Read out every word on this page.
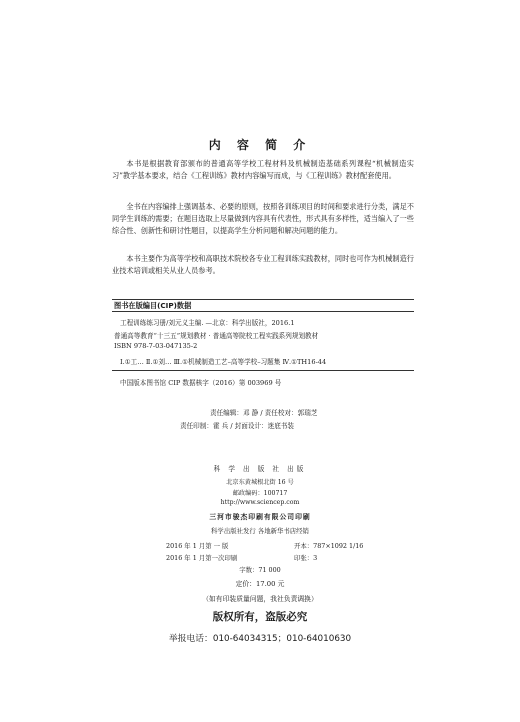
内 容 简 介

本书是根据教育部颁布的普通高等学校工程材料及机械制造基础系列课程“机械制造实习”教学基本要求，结合《工程训练》教材内容编写而成，与《工程训练》教材配套使用。

全书在内容编排上强调基本、必要的原则，按照各训练项目的时间和要求进行分类，满足不同学生训练的需要；在题目选取上尽量做到内容具有代表性，形式具有多样性，适当编入了一些综合性、创新性和研讨性题目，以提高学生分析问题和解决问题的能力。

本书主要作为高等学校和高职技术院校各专业工程训练实践教材，同时也可作为机械制造行业技术培训或相关从业人员参考。

图书在版编目(CIP)数据
工程训练练习册/刘元义主编. —北京：科学出版社，2016.1
普通高等教育“十三五”规划教材 · 普通高等院校工程实践系列规划教材
ISBN 978-7-03-047135-2
Ⅰ.①工… Ⅱ.①刘… Ⅲ.①机械制造工艺–高等学校–习题集 Ⅳ.①TH16-44
中国版本图书馆 CIP 数据核字（2016）第 003969 号
责任编辑：邓 静 / 责任校对：郭瑞芝
责任印制：霍 兵 / 封面设计：迷底书装
科 学 出 版 社 出版
北京东黄城根北街 16 号
邮政编码：100717
http://www.sciencep.com
三河市骏杰印刷有限公司印刷
科学出版社发行 各地新华书店经销
2016 年 1 月第 一 版	开本：787×1092 1/16
2016 年 1 月第一次印刷	印张：3
字数：71 000
定价：17.00 元
（如有印装质量问题，我社负责调换）
版权所有，盗版必究
举报电话：010-64034315；010-64010630
